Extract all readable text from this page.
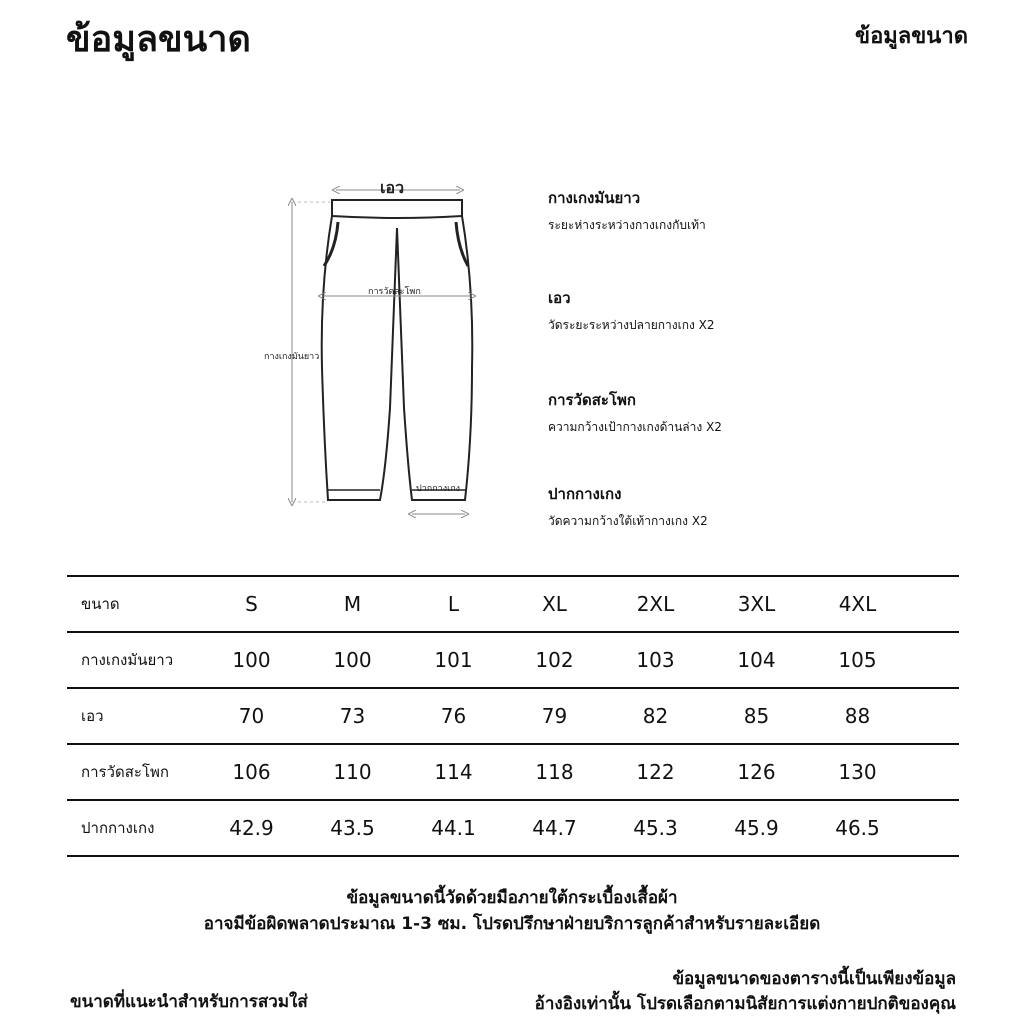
ข้อมูลขนาด	ข้อมูลขนาด
เอว
การวัดสะโพก
กางเกงมันยาว
ปากกางเกง
กางเกงมันยาว
ระยะห่างระหว่างกางเกงกับเท้า
เอว
วัดระยะระหว่างปลายกางเกง X2
การวัดสะโพก
ความกว้างเป้ากางเกงด้านล่าง X2
ปากกางเกง
วัดความกว้างใต้เท้ากางเกง X2
ขนาด	S	M	L	XL	2XL	3XL	4XL	
กางเกงมันยาว	100	100	101	102	103	104	105	
เอว	70	73	76	79	82	85	88	
การวัดสะโพก	106	110	114	118	122	126	130	
ปากกางเกง	42.9	43.5	44.1	44.7	45.3	45.9	46.5	
ข้อมูลขนาดนี้วัดด้วยมือภายใต้กระเบื้องเสื้อผ้า
อาจมีข้อผิดพลาดประมาณ 1-3 ซม. โปรดปรึกษาฝ่ายบริการลูกค้าสำหรับรายละเอียด
ขนาดที่แนะนำสำหรับการสวมใส่
ข้อมูลขนาดของตารางนี้เป็นเพียงข้อมูล
อ้างอิงเท่านั้น โปรดเลือกตามนิสัยการแต่งกายปกติของคุณ
